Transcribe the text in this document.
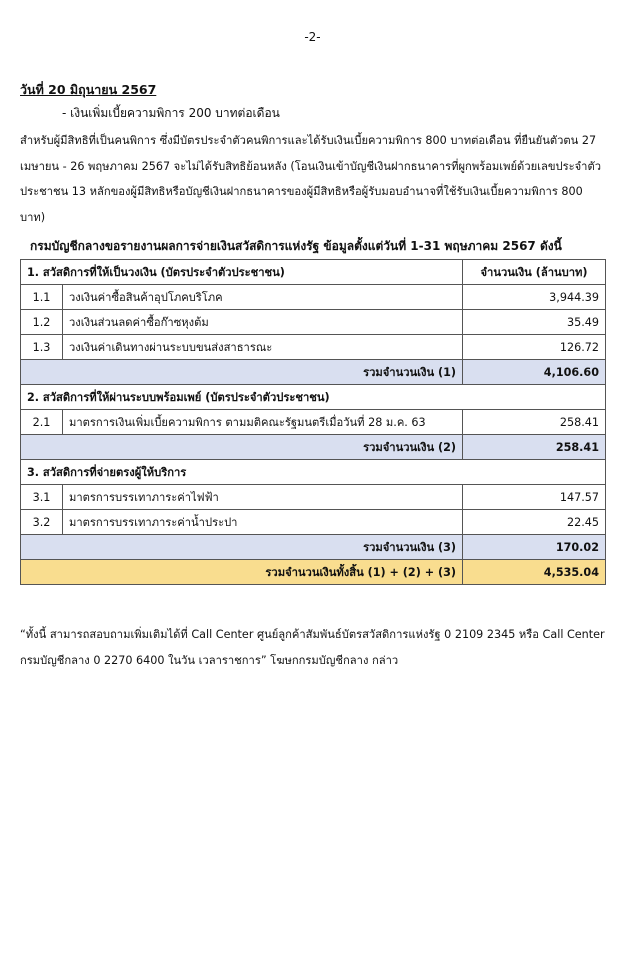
-2-
วันที่ 20 มิถุนายน 2567
- เงินเพิ่มเบี้ยความพิการ 200 บาทต่อเดือน
สำหรับผู้มีสิทธิที่เป็นคนพิการ ซึ่งมีบัตรประจำตัวคนพิการและได้รับเงินเบี้ยความพิการ 800 บาทต่อเดือน ที่ยืนยันตัวตน 27 เมษายน - 26 พฤษภาคม 2567 จะไม่ได้รับสิทธิย้อนหลัง (โอนเงินเข้าบัญชีเงินฝากธนาคารที่ผูกพร้อมเพย์ด้วยเลขประจำตัวประชาชน 13 หลักของผู้มีสิทธิหรือบัญชีเงินฝากธนาคารของผู้มีสิทธิหรือผู้รับมอบอำนาจที่ใช้รับเงินเบี้ยความพิการ 800 บาท)
กรมบัญชีกลางขอรายงานผลการจ่ายเงินสวัสดิการแห่งรัฐ ข้อมูลตั้งแต่วันที่ 1-31 พฤษภาคม 2567 ดังนี้
1. สวัสดิการที่ให้เป็นวงเงิน (บัตรประจำตัวประชาชน)		จำนวนเงิน (ล้านบาท)
1.1	วงเงินค่าซื้อสินค้าอุปโภคบริโภค	3,944.39
1.2	วงเงินส่วนลดค่าซื้อก๊าซหุงต้ม	35.49
1.3	วงเงินค่าเดินทางผ่านระบบขนส่งสาธารณะ	126.72
รวมจำนวนเงิน (1)		4,106.60
2. สวัสดิการที่ให้ผ่านระบบพร้อมเพย์ (บัตรประจำตัวประชาชน)		
2.1	มาตรการเงินเพิ่มเบี้ยความพิการ ตามมติคณะรัฐมนตรีเมื่อวันที่ 28 ม.ค. 63	258.41
รวมจำนวนเงิน (2)		258.41
3. สวัสดิการที่จ่ายตรงผู้ให้บริการ		
3.1	มาตรการบรรเทาภาระค่าไฟฟ้า	147.57
3.2	มาตรการบรรเทาภาระค่าน้ำประปา	22.45
รวมจำนวนเงิน (3)		170.02
รวมจำนวนเงินทั้งสิ้น (1) + (2) + (3)		4,535.04
“ทั้งนี้ สามารถสอบถามเพิ่มเติมได้ที่ Call Center ศูนย์ลูกค้าสัมพันธ์บัตรสวัสดิการแห่งรัฐ 0 2109 2345 หรือ Call Center กรมบัญชีกลาง 0 2270 6400 ในวัน เวลาราชการ” โฆษกกรมบัญชีกลาง กล่าว
